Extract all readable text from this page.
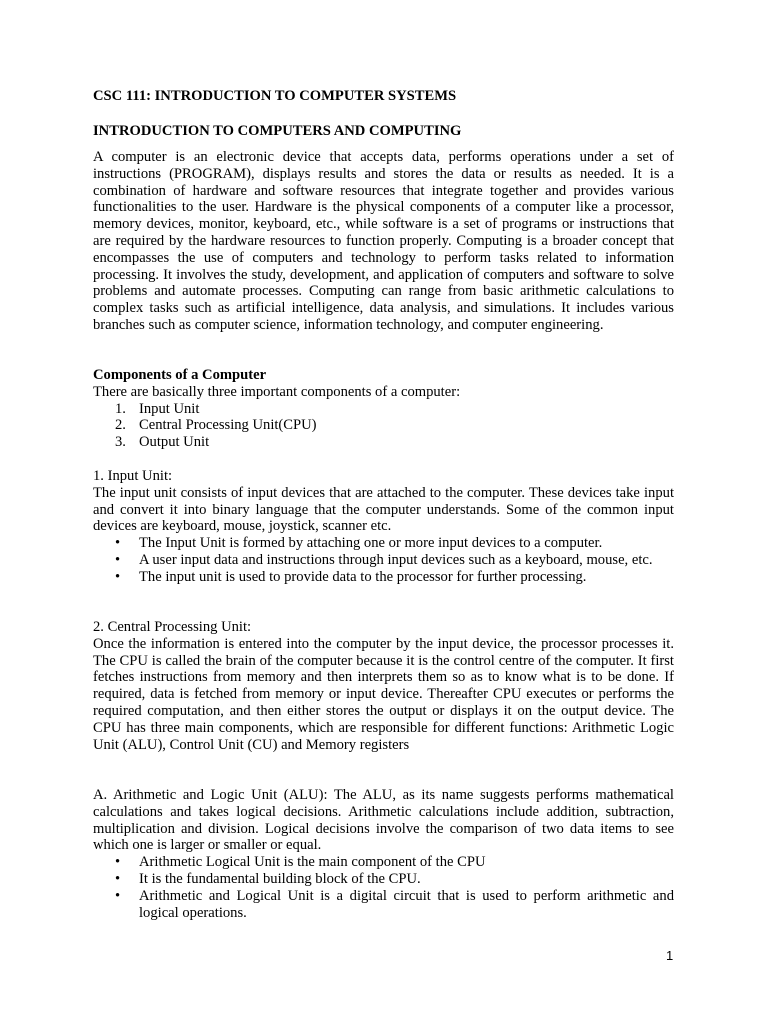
CSC 111: INTRODUCTION TO COMPUTER SYSTEMS
INTRODUCTION TO COMPUTERS AND COMPUTING
A computer is an electronic device that accepts data, performs operations under a set of instructions (PROGRAM), displays results and stores the data or results as needed. It is a combination of hardware and software resources that integrate together and provides various functionalities to the user. Hardware is the physical components of a computer like a processor, memory devices, monitor, keyboard, etc., while software is a set of programs or instructions that are required by the hardware resources to function properly. Computing is a broader concept that encompasses the use of computers and technology to perform tasks related to information processing. It involves the study, development, and application of computers and software to solve problems and automate processes. Computing can range from basic arithmetic calculations to complex tasks such as artificial intelligence, data analysis, and simulations. It includes various branches such as computer science, information technology, and computer engineering.
Components of a Computer
There are basically three important components of a computer:
1. Input Unit
2. Central Processing Unit(CPU)
3. Output Unit
1. Input Unit:
The input unit consists of input devices that are attached to the computer. These devices take input and convert it into binary language that the computer understands. Some of the common input devices are keyboard, mouse, joystick, scanner etc.
• The Input Unit is formed by attaching one or more input devices to a computer.
• A user input data and instructions through input devices such as a keyboard, mouse, etc.
• The input unit is used to provide data to the processor for further processing.
2. Central Processing Unit:
Once the information is entered into the computer by the input device, the processor processes it. The CPU is called the brain of the computer because it is the control centre of the computer. It first fetches instructions from memory and then interprets them so as to know what is to be done. If required, data is fetched from memory or input device. Thereafter CPU executes or performs the required computation, and then either stores the output or displays it on the output device. The CPU has three main components, which are responsible for different functions: Arithmetic Logic Unit (ALU), Control Unit (CU) and Memory registers
A. Arithmetic and Logic Unit (ALU): The ALU, as its name suggests performs mathematical calculations and takes logical decisions. Arithmetic calculations include addition, subtraction, multiplication and division. Logical decisions involve the comparison of two data items to see which one is larger or smaller or equal.
• Arithmetic Logical Unit is the main component of the CPU
• It is the fundamental building block of the CPU.
• Arithmetic and Logical Unit is a digital circuit that is used to perform arithmetic and logical operations.
1
